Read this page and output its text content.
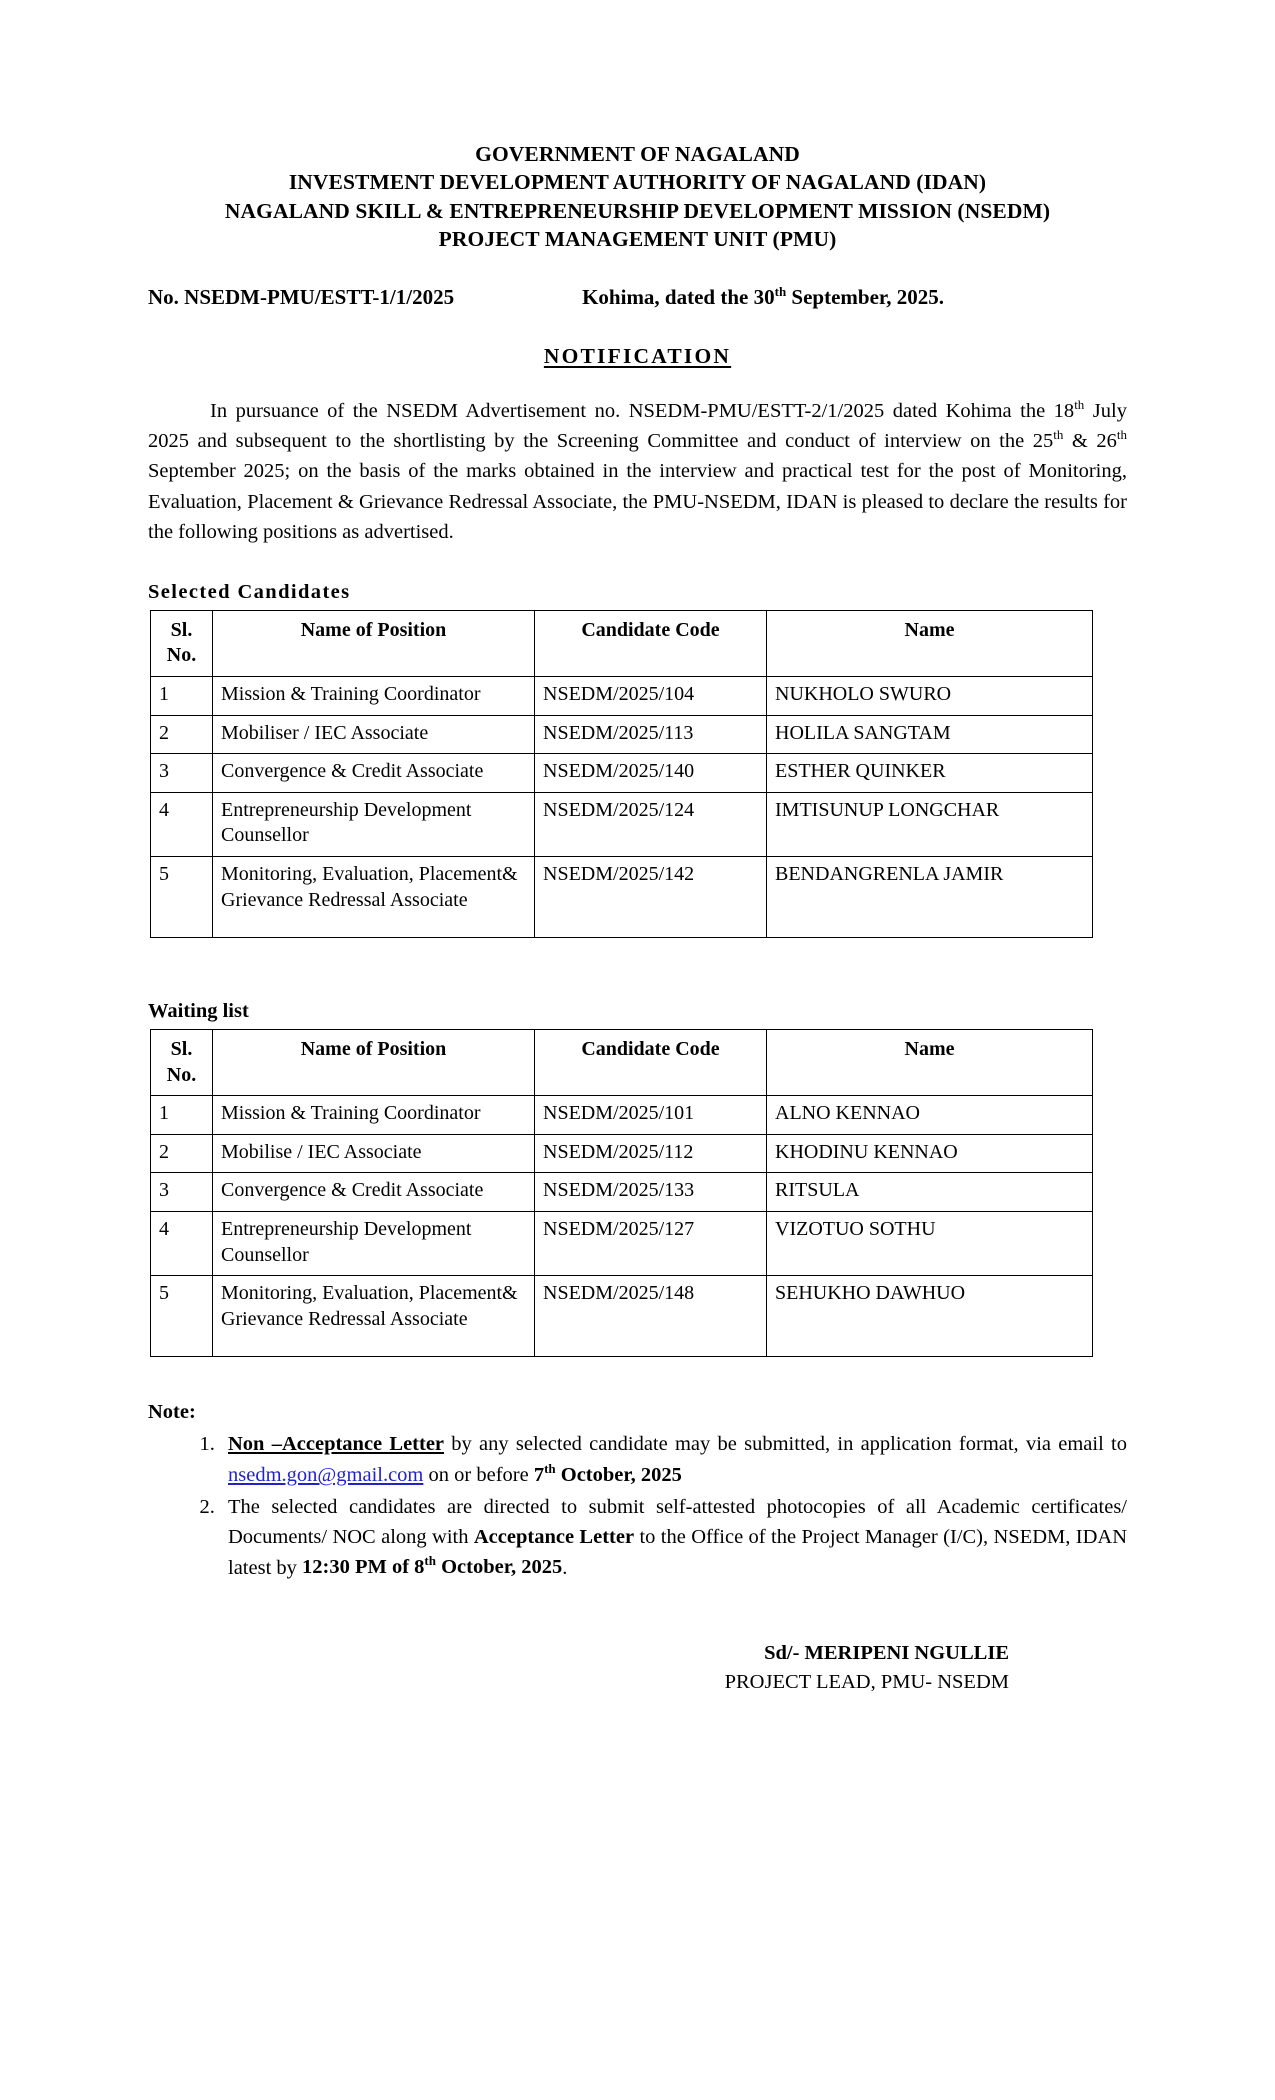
GOVERNMENT OF NAGALAND
INVESTMENT DEVELOPMENT AUTHORITY OF NAGALAND (IDAN)
NAGALAND SKILL & ENTREPRENEURSHIP DEVELOPMENT MISSION (NSEDM)
PROJECT MANAGEMENT UNIT (PMU)
No. NSEDM-PMU/ESTT-1/1/2025	Kohima, dated the 30th September, 2025.
NOTIFICATION

In pursuance of the NSEDM Advertisement no. NSEDM-PMU/ESTT-2/1/2025 dated Kohima the 18th July 2025 and subsequent to the shortlisting by the Screening Committee and conduct of interview on the 25th & 26th September 2025; on the basis of the marks obtained in the interview and practical test for the post of Monitoring, Evaluation, Placement & Grievance Redressal Associate, the PMU-NSEDM, IDAN is pleased to declare the results for the following positions as advertised.

Selected Candidates
Sl.
No.	Name of Position	Candidate Code	Name
1	Mission & Training Coordinator	NSEDM/2025/104	NUKHOLO SWURO
2	Mobiliser / IEC Associate	NSEDM/2025/113	HOLILA SANGTAM
3	Convergence & Credit Associate	NSEDM/2025/140	ESTHER QUINKER
4	Entrepreneurship Development Counsellor	NSEDM/2025/124	IMTISUNUP LONGCHAR
5	Monitoring, Evaluation, Placement& Grievance Redressal Associate	NSEDM/2025/142	BENDANGRENLA JAMIR
Waiting list
Sl.
No.	Name of Position	Candidate Code	Name
1	Mission & Training Coordinator	NSEDM/2025/101	ALNO KENNAO
2	Mobilise / IEC Associate	NSEDM/2025/112	KHODINU KENNAO
3	Convergence & Credit Associate	NSEDM/2025/133	RITSULA
4	Entrepreneurship Development Counsellor	NSEDM/2025/127	VIZOTUO SOTHU
5	Monitoring, Evaluation, Placement& Grievance Redressal Associate	NSEDM/2025/148	SEHUKHO DAWHUO
Note:
1. Non –Acceptance Letter by any selected candidate may be submitted, in application format, via email to nsedm.gon@gmail.com on or before 7th October, 2025
2. The selected candidates are directed to submit self-attested photocopies of all Academic certificates/ Documents/ NOC along with Acceptance Letter to the Office of the Project Manager (I/C), NSEDM, IDAN latest by 12:30 PM of 8th October, 2025.
Sd/- MERIPENI NGULLIE
PROJECT LEAD, PMU- NSEDM
